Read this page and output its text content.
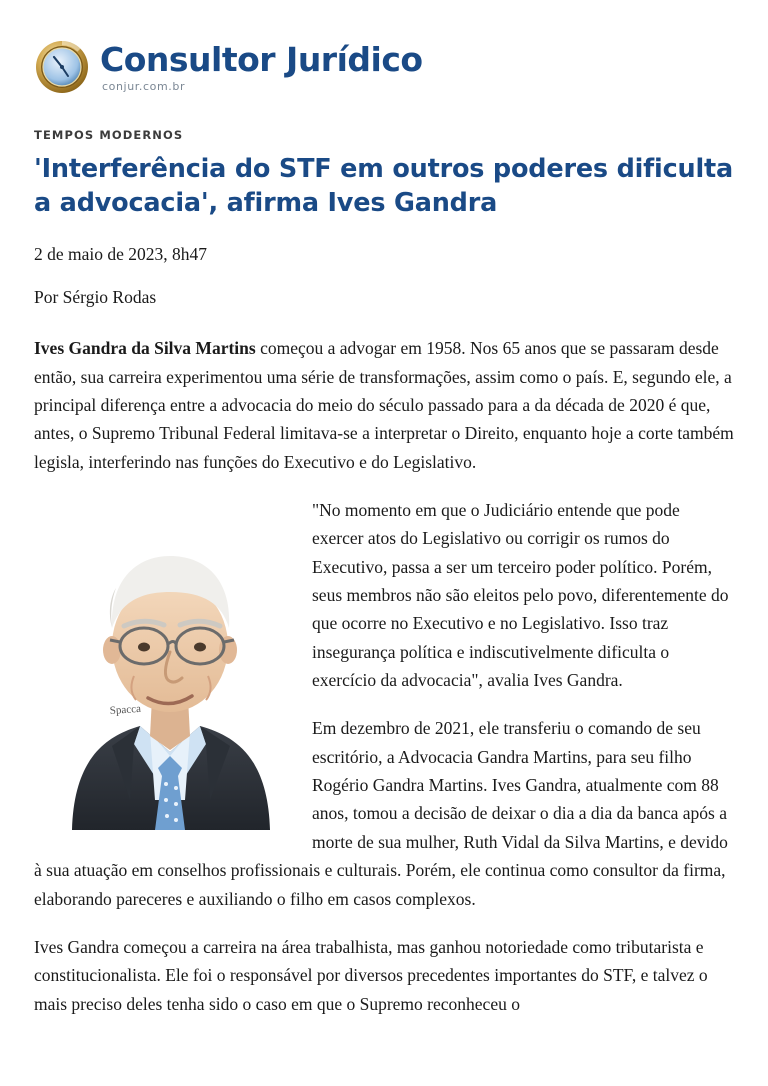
Consultor Jurídico
conjur.com.br
TEMPOS MODERNOS
'Interferência do STF em outros poderes dificulta a advocacia', afirma Ives Gandra
2 de maio de 2023, 8h47
Por Sérgio Rodas

Ives Gandra da Silva Martins começou a advogar em 1958. Nos 65 anos que se passaram desde então, sua carreira experimentou uma série de transformações, assim como o país. E, segundo ele, a principal diferença entre a advocacia do meio do século passado para a da década de 2020 é que, antes, o Supremo Tribunal Federal limitava-se a interpretar o Direito, enquanto hoje a corte também legisla, interferindo nas funções do Executivo e do Legislativo.

Spacca

"No momento em que o Judiciário entende que pode exercer atos do Legislativo ou corrigir os rumos do Executivo, passa a ser um terceiro poder político. Porém, seus membros não são eleitos pelo povo, diferentemente do que ocorre no Executivo e no Legislativo. Isso traz insegurança política e indiscutivelmente dificulta o exercício da advocacia", avalia Ives Gandra.

Em dezembro de 2021, ele transferiu o comando de seu escritório, a Advocacia Gandra Martins, para seu filho Rogério Gandra Martins. Ives Gandra, atualmente com 88 anos, tomou a decisão de deixar o dia a dia da banca após a morte de sua mulher, Ruth Vidal da Silva Martins, e devido à sua atuação em conselhos profissionais e culturais. Porém, ele continua como consultor da firma, elaborando pareceres e auxiliando o filho em casos complexos.

Ives Gandra começou a carreira na área trabalhista, mas ganhou notoriedade como tributarista e constitucionalista. Ele foi o responsável por diversos precedentes importantes do STF, e talvez o mais preciso deles tenha sido o caso em que o Supremo reconheceu o
